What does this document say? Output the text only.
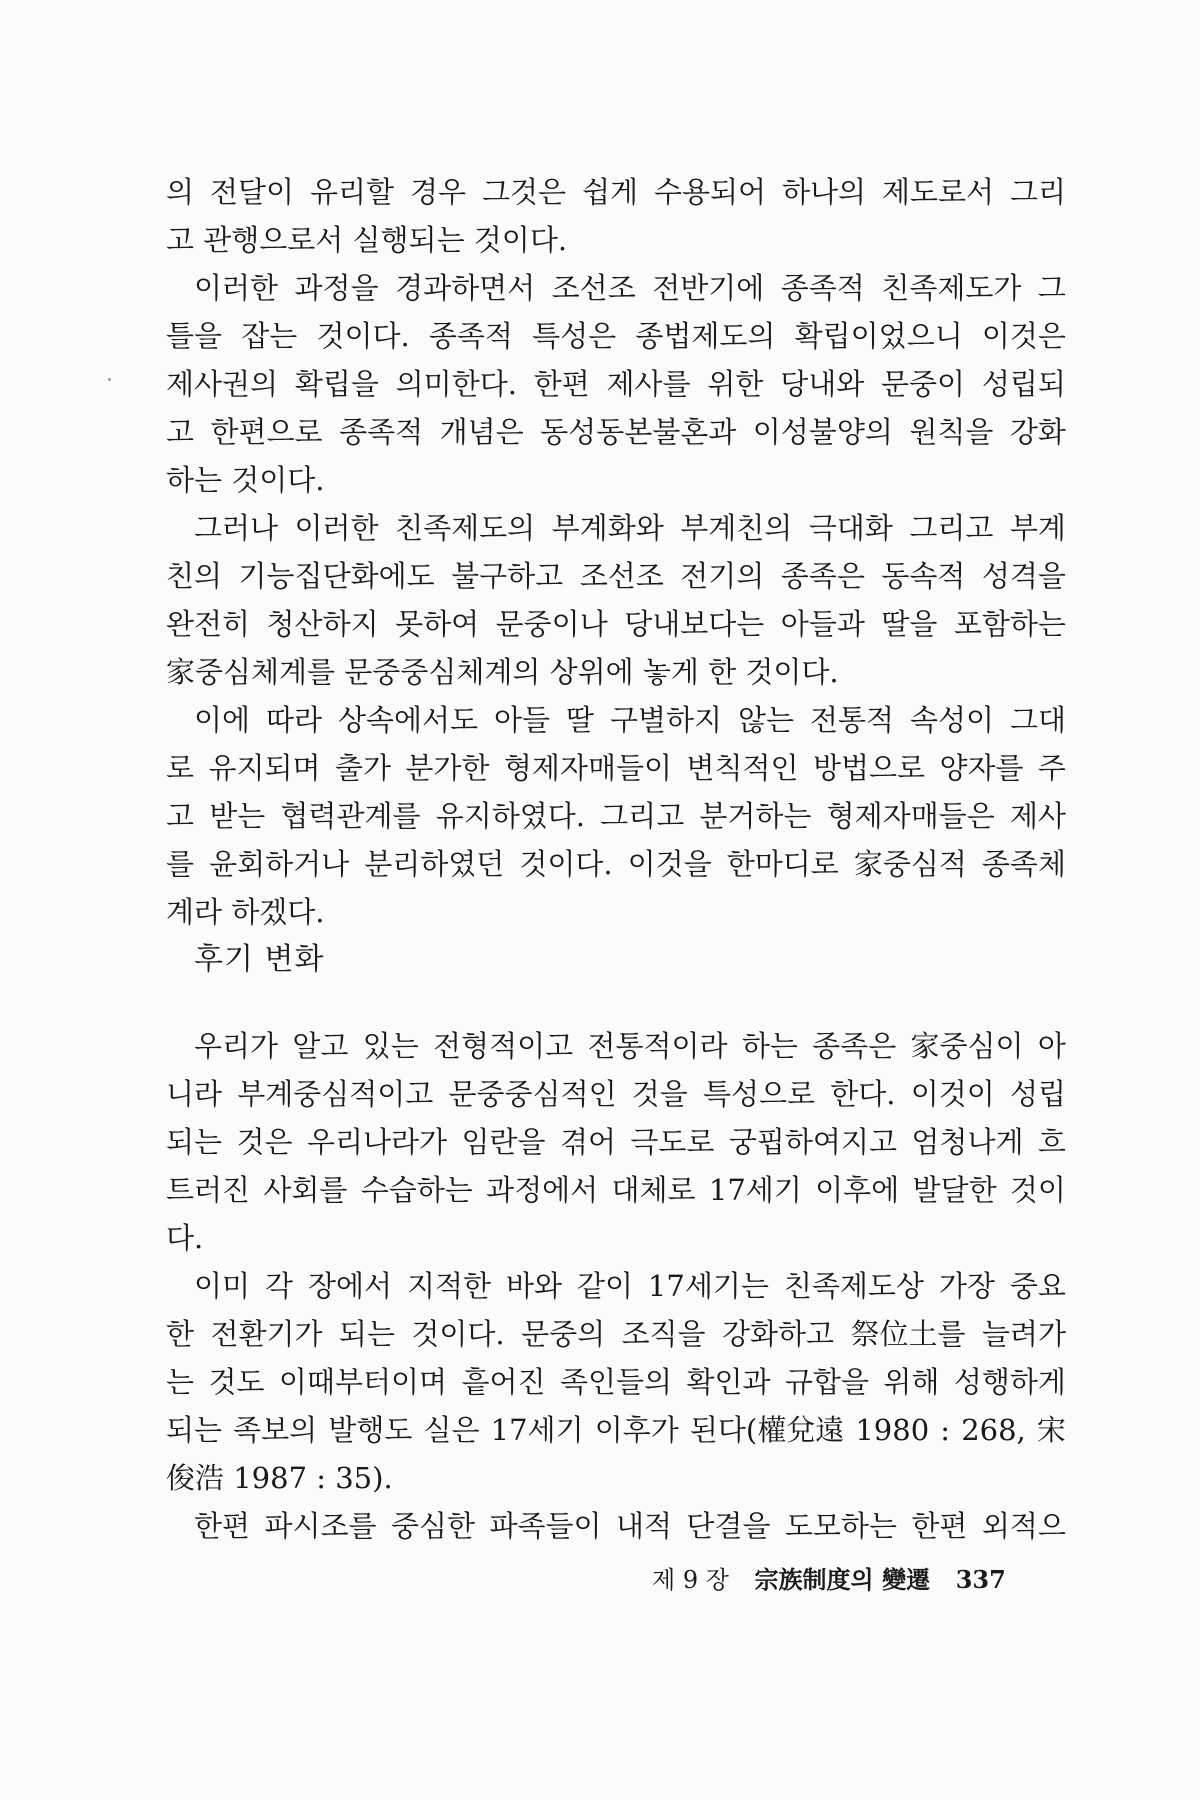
의 전달이 유리할 경우 그것은 쉽게 수용되어 하나의 제도로서 그리
고 관행으로서 실행되는 것이다.
이러한 과정을 경과하면서 조선조 전반기에 종족적 친족제도가 그
틀을 잡는 것이다. 종족적 특성은 종법제도의 확립이었으니 이것은
제사권의 확립을 의미한다. 한편 제사를 위한 당내와 문중이 성립되
고 한편으로 종족적 개념은 동성동본불혼과 이성불양의 원칙을 강화
하는 것이다.
그러나 이러한 친족제도의 부계화와 부계친의 극대화 그리고 부계
친의 기능집단화에도 불구하고 조선조 전기의 종족은 동속적 성격을
완전히 청산하지 못하여 문중이나 당내보다는 아들과 딸을 포함하는
家중심체계를 문중중심체계의 상위에 놓게 한 것이다.
이에 따라 상속에서도 아들 딸 구별하지 않는 전통적 속성이 그대
로 유지되며 출가 분가한 형제자매들이 변칙적인 방법으로 양자를 주
고 받는 협력관계를 유지하였다. 그리고 분거하는 형제자매들은 제사
를 윤회하거나 분리하였던 것이다. 이것을 한마디로 家중심적 종족체
계라 하겠다.
후기 변화
우리가 알고 있는 전형적이고 전통적이라 하는 종족은 家중심이 아
니라 부계중심적이고 문중중심적인 것을 특성으로 한다. 이것이 성립
되는 것은 우리나라가 임란을 겪어 극도로 궁핍하여지고 엄청나게 흐
트러진 사회를 수습하는 과정에서 대체로 17세기 이후에 발달한 것이
다.
이미 각 장에서 지적한 바와 같이 17세기는 친족제도상 가장 중요
한 전환기가 되는 것이다. 문중의 조직을 강화하고 祭位土를 늘려가
는 것도 이때부터이며 흩어진 족인들의 확인과 규합을 위해 성행하게
되는 족보의 발행도 실은 17세기 이후가 된다(權兌遠 1980 : 268, 宋
俊浩 1987 : 35).
한편 파시조를 중심한 파족들이 내적 단결을 도모하는 한편 외적으
제 9 장 宗族制度의 變遷 337
